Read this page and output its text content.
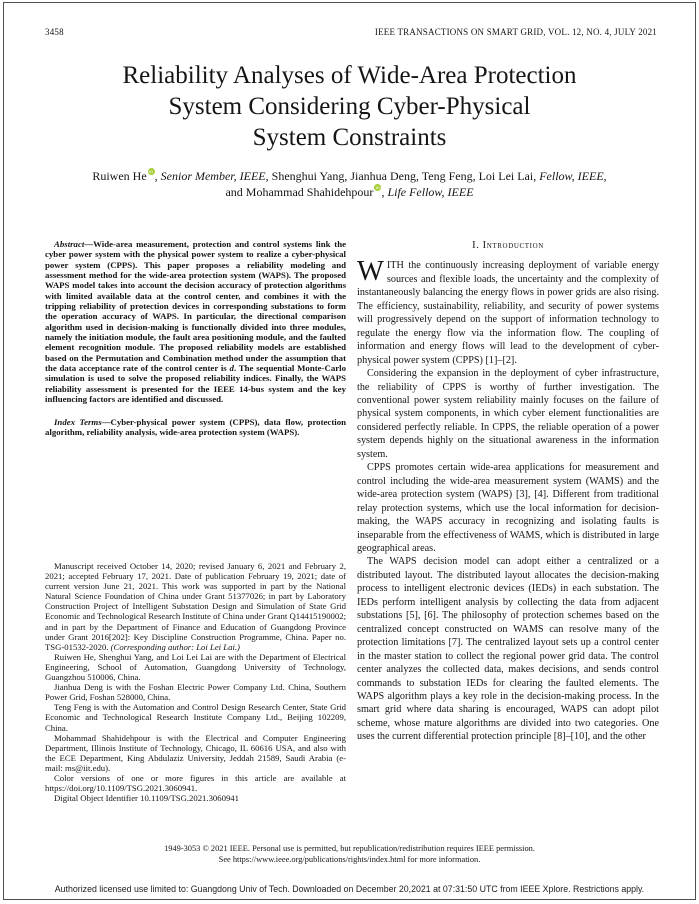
3458	IEEE TRANSACTIONS ON SMART GRID, VOL. 12, NO. 4, JULY 2021
Reliability Analyses of Wide-Area Protection
System Considering Cyber-Physical
System Constraints
Ruiwen He iD , Senior Member, IEEE, Shenghui Yang, Jianhua Deng, Teng Feng, Loi Lei Lai, Fellow, IEEE,
and Mohammad Shahidehpour iD , Life Fellow, IEEE

Abstract—Wide-area measurement, protection and control systems link the cyber power system with the physical power system to realize a cyber-physical power system (CPPS). This paper proposes a reliability modeling and assessment method for the wide-area protection system (WAPS). The proposed WAPS model takes into account the decision accuracy of protection algorithms with limited available data at the control center, and combines it with the tripping reliability of protection devices in corresponding substations to form the operation accuracy of WAPS. In particular, the directional comparison algorithm used in decision-making is functionally divided into three modules, namely the initiation module, the fault area positioning module, and the faulted element recognition module. The proposed reliability models are established based on the Permutation and Combination method under the assumption that the data acceptance rate of the control center is d. The sequential Monte-Carlo simulation is used to solve the proposed reliability indices. Finally, the WAPS reliability assessment is presented for the IEEE 14-bus system and the key influencing factors are identified and discussed.

Index Terms—Cyber-physical power system (CPPS), data flow, protection algorithm, reliability analysis, wide-area protection system (WAPS).

Manuscript received October 14, 2020; revised January 6, 2021 and February 2, 2021; accepted February 17, 2021. Date of publication February 19, 2021; date of current version June 21, 2021. This work was supported in part by the National Natural Science Foundation of China under Grant 51377026; in part by Laboratory Construction Project of Intelligent Substation Design and Simulation of State Grid Economic and Technological Research Institute of China under Grant Q14415190002; and in part by the Department of Finance and Education of Guangdong Province under Grant 2016[202]: Key Discipline Construction Programme, China. Paper no. TSG-01532-2020. (Corresponding author: Loi Lei Lai.)

Ruiwen He, Shenghui Yang, and Loi Lei Lai are with the Department of Electrical Engineering, School of Automation, Guangdong University of Technology, Guangzhou 510006, China.

Jianhua Deng is with the Foshan Electric Power Company Ltd. China, Southern Power Grid, Foshan 528000, China.

Teng Feng is with the Automation and Control Design Research Center, State Grid Economic and Technological Research Institute Company Ltd., Beijing 102209, China.

Mohammad Shahidehpour is with the Electrical and Computer Engineering Department, Illinois Institute of Technology, Chicago, IL 60616 USA, and also with the ECE Department, King Abdulaziz University, Jeddah 21589, Saudi Arabia (e-mail: ms@iit.edu).

Color versions of one or more figures in this article are available at https://doi.org/10.1109/TSG.2021.3060941.

Digital Object Identifier 10.1109/TSG.2021.3060941

I. Introduction

WITH the continuously increasing deployment of variable energy sources and flexible loads, the uncertainty and the complexity of instantaneously balancing the energy flows in power grids are also rising. The efficiency, sustainability, reliability, and security of power systems will progressively depend on the support of information technology to regulate the energy flow via the information flow. The coupling of information and energy flows will lead to the development of cyber-physical power system (CPPS) [1]–[2].

Considering the expansion in the deployment of cyber infrastructure, the reliability of CPPS is worthy of further investigation. The conventional power system reliability mainly focuses on the failure of physical system components, in which cyber element functionalities are considered perfectly reliable. In CPPS, the reliable operation of a power system depends highly on the situational awareness in the information system.

CPPS promotes certain wide-area applications for measurement and control including the wide-area measurement system (WAMS) and the wide-area protection system (WAPS) [3], [4]. Different from traditional relay protection systems, which use the local information for decision-making, the WAPS accuracy in recognizing and isolating faults is inseparable from the effectiveness of WAMS, which is distributed in large geographical areas.

The WAPS decision model can adopt either a centralized or a distributed layout. The distributed layout allocates the decision-making process to intelligent electronic devices (IEDs) in each substation. The IEDs perform intelligent analysis by collecting the data from adjacent substations [5], [6]. The philosophy of protection schemes based on the centralized concept constructed on WAMS can resolve many of the protection limitations [7]. The centralized layout sets up a control center in the master station to collect the regional power grid data. The control center analyzes the collected data, makes decisions, and sends control commands to substation IEDs for clearing the faulted elements. The WAPS algorithm plays a key role in the decision-making process. In the smart grid where data sharing is encouraged, WAPS can adopt pilot scheme, whose mature algorithms are divided into two categories. One uses the current differential protection principle [8]–[10], and the other

1949-3053 © 2021 IEEE. Personal use is permitted, but republication/redistribution requires IEEE permission.
See https://www.ieee.org/publications/rights/index.html for more information.
Authorized licensed use limited to: Guangdong Univ of Tech. Downloaded on December 20,2021 at 07:31:50 UTC from IEEE Xplore. Restrictions apply.
